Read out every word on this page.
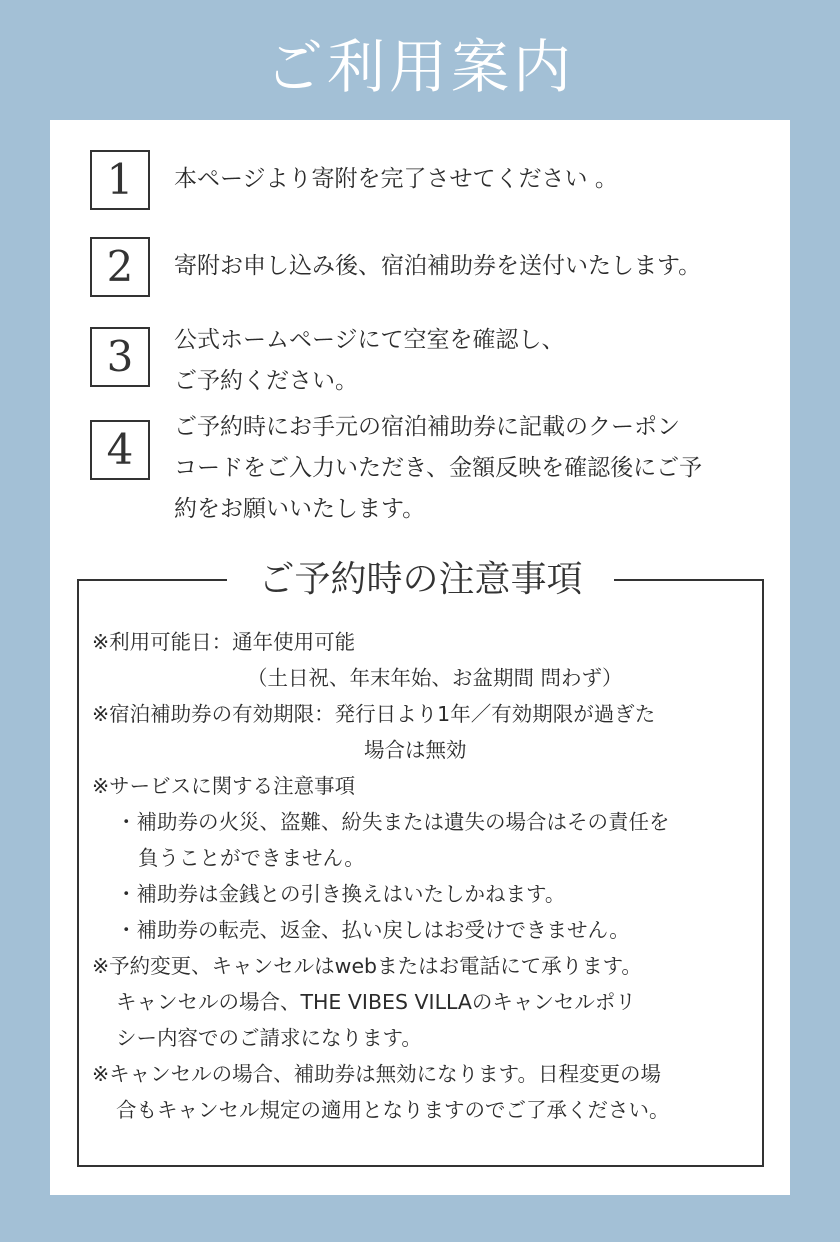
ご利用案内
1	本ページより寄附を完了させてください 。

2	寄附お申し込み後、宿泊補助券を送付いたします。

3	公式ホームページにて空室を確認し、

ご予約ください。

4	ご予約時にお手元の宿泊補助券に記載のクーポン

コードをご入力いただき、金額反映を確認後にご予

約をお願いいたします。

ご予約時の注意事項

※利用可能日：通年使用可能

（土日祝、年末年始、お盆期間 問わず）

※宿泊補助券の有効期限：発行日より1年／有効期限が過ぎた

場合は無効

※サービスに関する注意事項

・補助券の火災、盗難、紛失または遺失の場合はその責任を

負うことができません。

・補助券は金銭との引き換えはいたしかねます。

・補助券の転売、返金、払い戻しはお受けできません。

※予約変更、キャンセルはwebまたはお電話にて承ります。

キャンセルの場合、THE VIBES VILLAのキャンセルポリ

シー内容でのご請求になります。

※キャンセルの場合、補助券は無効になります。日程変更の場

合もキャンセル規定の適用となりますのでご了承ください。
